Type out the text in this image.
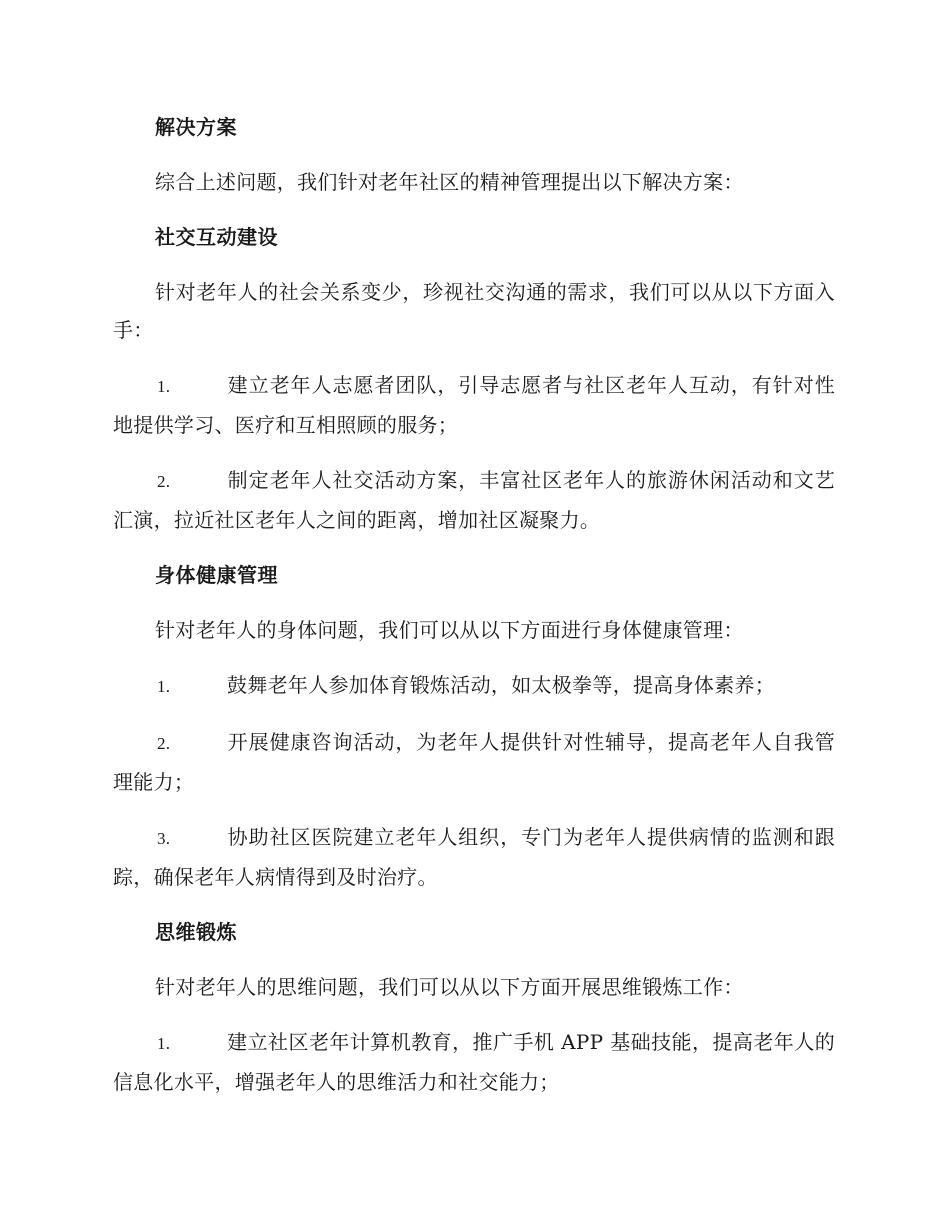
解决方案
综合上述问题，我们针对老年社区的精神管理提出以下解决方案：
社交互动建设
针对老年人的社会关系变少，珍视社交沟通的需求，我们可以从以下方面入手：
1.	建立老年人志愿者团队，引导志愿者与社区老年人互动，有针对性地提供学习、医疗和互相照顾的服务；
2.	制定老年人社交活动方案，丰富社区老年人的旅游休闲活动和文艺汇演，拉近社区老年人之间的距离，增加社区凝聚力。
身体健康管理
针对老年人的身体问题，我们可以从以下方面进行身体健康管理：
1.	鼓舞老年人参加体育锻炼活动，如太极拳等，提高身体素养；
2.	开展健康咨询活动，为老年人提供针对性辅导，提高老年人自我管理能力；
3.	协助社区医院建立老年人组织，专门为老年人提供病情的监测和跟踪，确保老年人病情得到及时治疗。
思维锻炼
针对老年人的思维问题，我们可以从以下方面开展思维锻炼工作：
1.	建立社区老年计算机教育，推广手机 APP 基础技能，提高老年人的信息化水平，增强老年人的思维活力和社交能力；
